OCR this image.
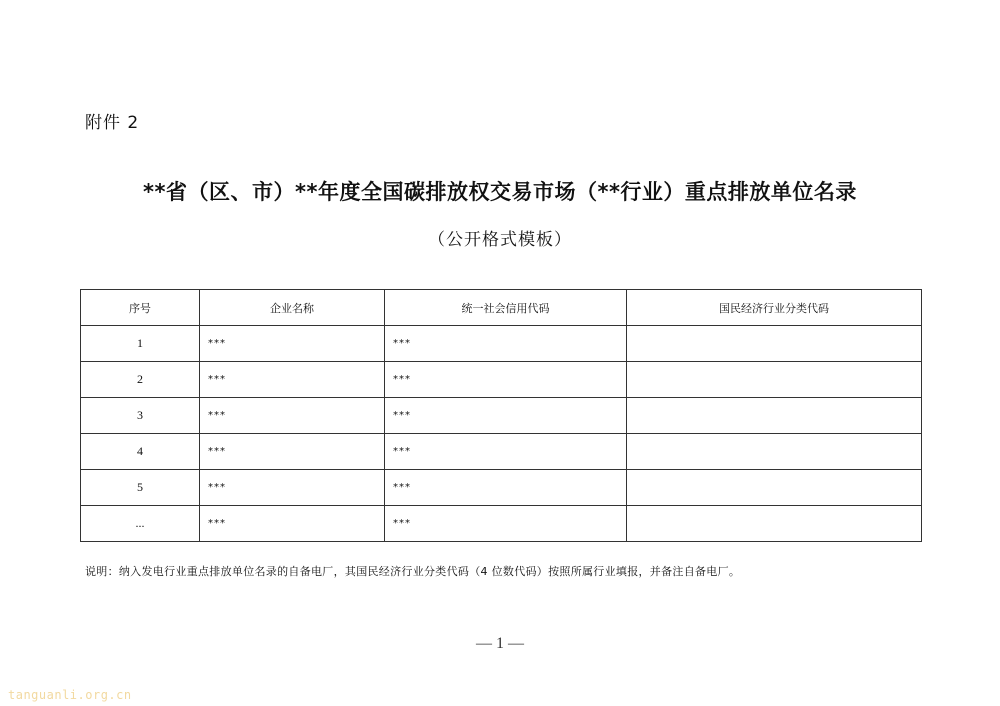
附件 2
**省（区、市）**年度全国碳排放权交易市场（**行业）重点排放单位名录
（公开格式模板）
序号	企业名称	统一社会信用代码	国民经济行业分类代码
1	***	***	
2	***	***	
3	***	***	
4	***	***	
5	***	***	
...	***	***	
说明：纳入发电行业重点排放单位名录的自备电厂，其国民经济行业分类代码（4 位数代码）按照所属行业填报，并备注自备电厂。
— 1 —
tanguanli.org.cn
